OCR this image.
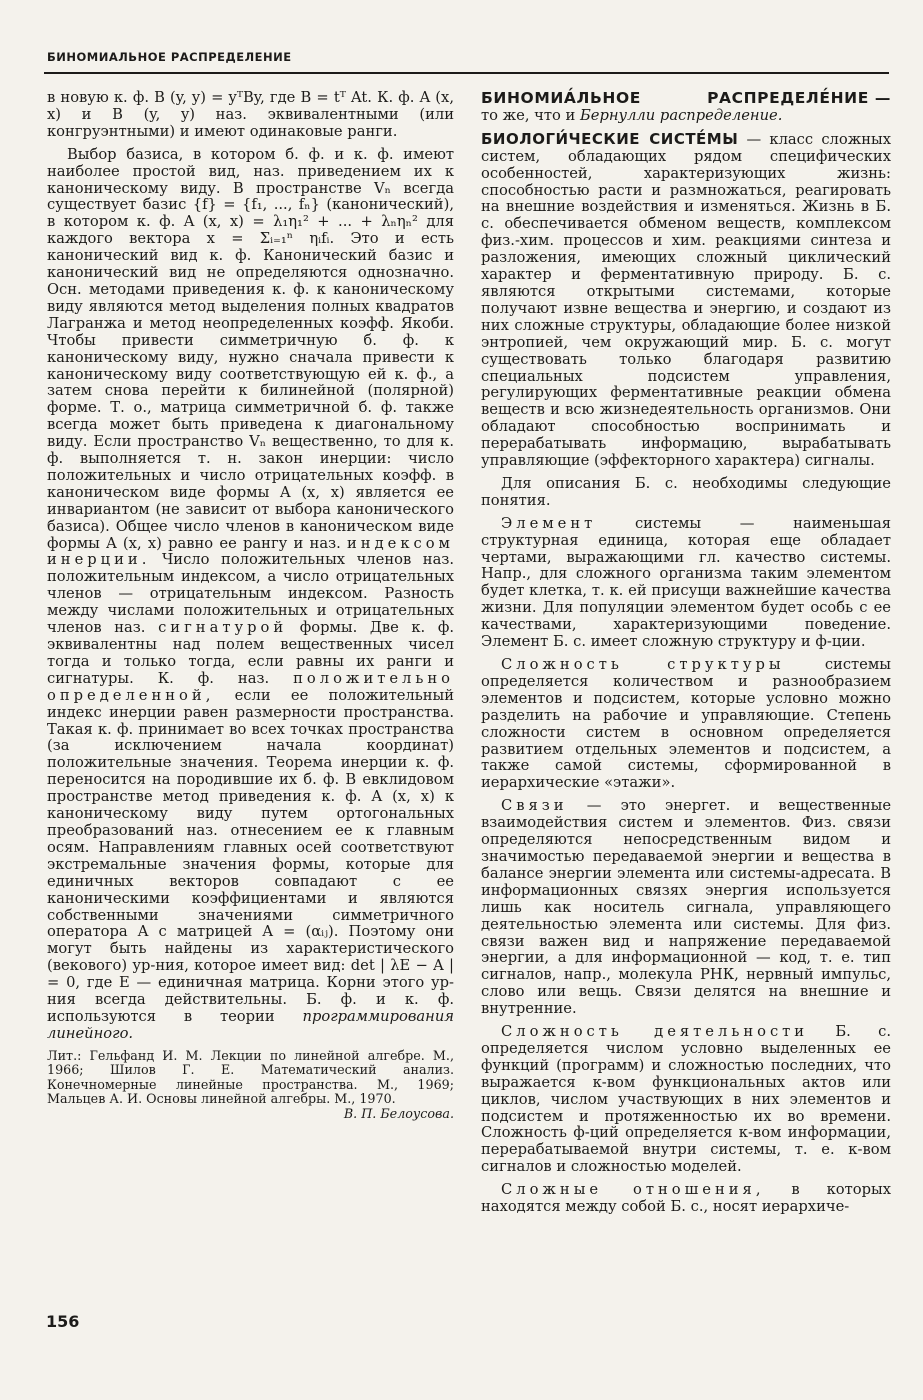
БИНОМИАЛЬНОЕ РАСПРЕДЕЛЕНИЕ

в новую к. ф. B (y, y) = yᵀBy, где B = tᵀ At. К. ф. A (x, x) и B (y, y) наз. эквивалентными (или конгруэнтными) и имеют одинаковые ранги.

Выбор базиса, в котором б. ф. и к. ф. имеют наиболее простой вид, наз. приведением их к каноническому виду. В пространстве Vₙ всегда существует базис {f} = {f₁, ..., fₙ} (канонический), в котором к. ф. A (x, x) = λ₁η₁² + ... + λₙηₙ² для каждого вектора x = Σᵢ₌₁ⁿ ηᵢfᵢ. Это и есть канонический вид к. ф. Канонический базис и канонический вид не определяются однозначно. Осн. методами приведения к. ф. к каноническому виду являются метод выделения полных квадратов Лагранжа и метод неопределенных коэфф. Якоби. Чтобы привести симметричную б. ф. к каноническому виду, нужно сначала привести к каноническому виду соответствующую ей к. ф., а затем снова перейти к билинейной (полярной) форме. Т. о., матрица симметричной б. ф. также всегда может быть приведена к диагональному виду. Если пространство Vₙ вещественно, то для к. ф. выполняется т. н. закон инерции: число положительных и число отрицательных коэфф. в каноническом виде формы A (x, x) является ее инвариантом (не зависит от выбора канонического базиса). Общее число членов в каноническом виде формы A (x, x) равно ее рангу и наз. индексом инерции. Число положительных членов наз. положительным индексом, а число отрицательных членов — отрицательным индексом. Разность между числами положительных и отрицательных членов наз. сигнатурой формы. Две к. ф. эквивалентны над полем вещественных чисел тогда и только тогда, если равны их ранги и сигнатуры. К. ф. наз. положительно определенной, если ее положительный индекс инерции равен размерности пространства. Такая к. ф. принимает во всех точках пространства (за исключением начала координат) положительные значения. Теорема инерции к. ф. переносится на породившие их б. ф. В евклидовом пространстве метод приведения к. ф. A (x, x) к каноническому виду путем ортогональных преобразований наз. отнесением ее к главным осям. Направлениям главных осей соответствуют экстремальные значения формы, которые для единичных векторов совпадают с ее каноническими коэффициентами и являются собственными значениями симметричного оператора A с матрицей A = (αᵢⱼ). Поэтому они могут быть найдены из характеристического (векового) ур-ния, которое имеет вид: det | λE − A | = 0, где E — единичная матрица. Корни этого ур-ния всегда действительны. Б. ф. и к. ф. используются в теории программирования линейного.

Лит.: Гельфанд И. М. Лекции по линейной алгебре. М., 1966; Шилов Г. Е. Математический анализ. Конечномерные линейные пространства. М., 1969; Мальцев А. И. Основы линейной алгебры. М., 1970.
В. П. Белоусова.

БИНОМИА́ЛЬНОЕ	РАСПРЕДЕЛЕ́НИЕ —

то же, что и Бернулли распределение.

БИОЛОГИ́ЧЕСКИЕ СИСТЕ́МЫ — класс сложных систем, обладающих рядом специфических особенностей, характеризующих жизнь: способностью расти и размножаться, реагировать на внешние воздействия и изменяться. Жизнь в Б. с. обеспечивается обменом веществ, комплексом физ.-хим. процессов и хим. реакциями синтеза и разложения, имеющих сложный циклический характер и ферментативную природу. Б. с. являются открытыми системами, которые получают извне вещества и энергию, и создают из них сложные структуры, обладающие более низкой энтропией, чем окружающий мир. Б. с. могут существовать только благодаря развитию специальных подсистем управления, регулирующих ферментативные реакции обмена веществ и всю жизнедеятельность организмов. Они обладают способностью воспринимать и перерабатывать информацию, вырабатывать управляющие (эффекторного характера) сигналы.

Для описания Б. с. необходимы следующие понятия.

Элемент	системы — наименьшая структурная единица, которая еще обладает чертами, выражающими гл. качество системы. Напр., для сложного организма таким элементом будет клетка, т. к. ей присущи важнейшие качества жизни. Для популяции элементом будет особь с ее качествами, характеризующими поведение. Элемент Б. с. имеет сложную структуру и ф-ции.

Сложность структуры	системы определяется количеством и разнообразием элементов и подсистем, которые условно можно разделить на рабочие и управляющие. Степень сложности систем в основном определяется развитием отдельных элементов и подсистем, а также самой системы, сформированной в иерархические «этажи».

Связи — это энергет. и вещественные взаимодействия систем и элементов. Физ. связи определяются непосредственным видом и значимостью передаваемой энергии и вещества в балансе энергии элемента или системы-адресата. В информационных связях энергия используется лишь как носитель сигнала, управляющего деятельностью элемента или системы. Для физ. связи важен вид и напряжение передаваемой энергии, а для информационной — код, т. е. тип сигналов, напр., молекула РНК, нервный импульс, слово или вещь. Связи делятся на внешние и внутренние.

Сложность деятельности Б. с. определяется числом условно выделенных ее функций (программ) и сложностью последних, что выражается к-вом функциональных актов или циклов, числом участвующих в них элементов и подсистем и протяженностью их во времени. Сложность ф-ций определяется к-вом информации, перерабатываемой внутри системы, т. е. к-вом сигналов и сложностью моделей.

Сложные отношения, в которых находятся между собой Б. с., носят иерархиче-

156
